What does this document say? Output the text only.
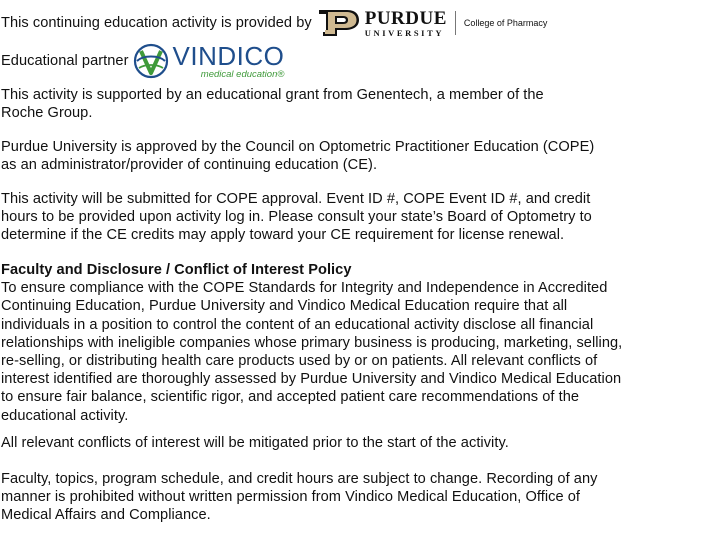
This continuing education activity is provided by	PURDUE
UNIVERSITY
College of Pharmacy
Educational partner VINDICO
medical education®

This activity is supported by an educational grant from Genentech, a member of the
Roche Group.

Purdue University is approved by the Council on Optometric Practitioner Education (COPE)
as an administrator/provider of continuing education (CE).

This activity will be submitted for COPE approval. Event ID #, COPE Event ID #, and credit
hours to be provided upon activity log in. Please consult your state’s Board of Optometry to
determine if the CE credits may apply toward your CE requirement for license renewal.

Faculty and Disclosure / Conflict of Interest Policy
To ensure compliance with the COPE Standards for Integrity and Independence in Accredited
Continuing Education, Purdue University and Vindico Medical Education require that all
individuals in a position to control the content of an educational activity disclose all financial
relationships with ineligible companies whose primary business is producing, marketing, selling,
re-selling, or distributing health care products used by or on patients. All relevant conflicts of
interest identified are thoroughly assessed by Purdue University and Vindico Medical Education
to ensure fair balance, scientific rigor, and accepted patient care recommendations of the
educational activity.

All relevant conflicts of interest will be mitigated prior to the start of the activity.

Faculty, topics, program schedule, and credit hours are subject to change. Recording of any
manner is prohibited without written permission from Vindico Medical Education, Office of
Medical Affairs and Compliance.
